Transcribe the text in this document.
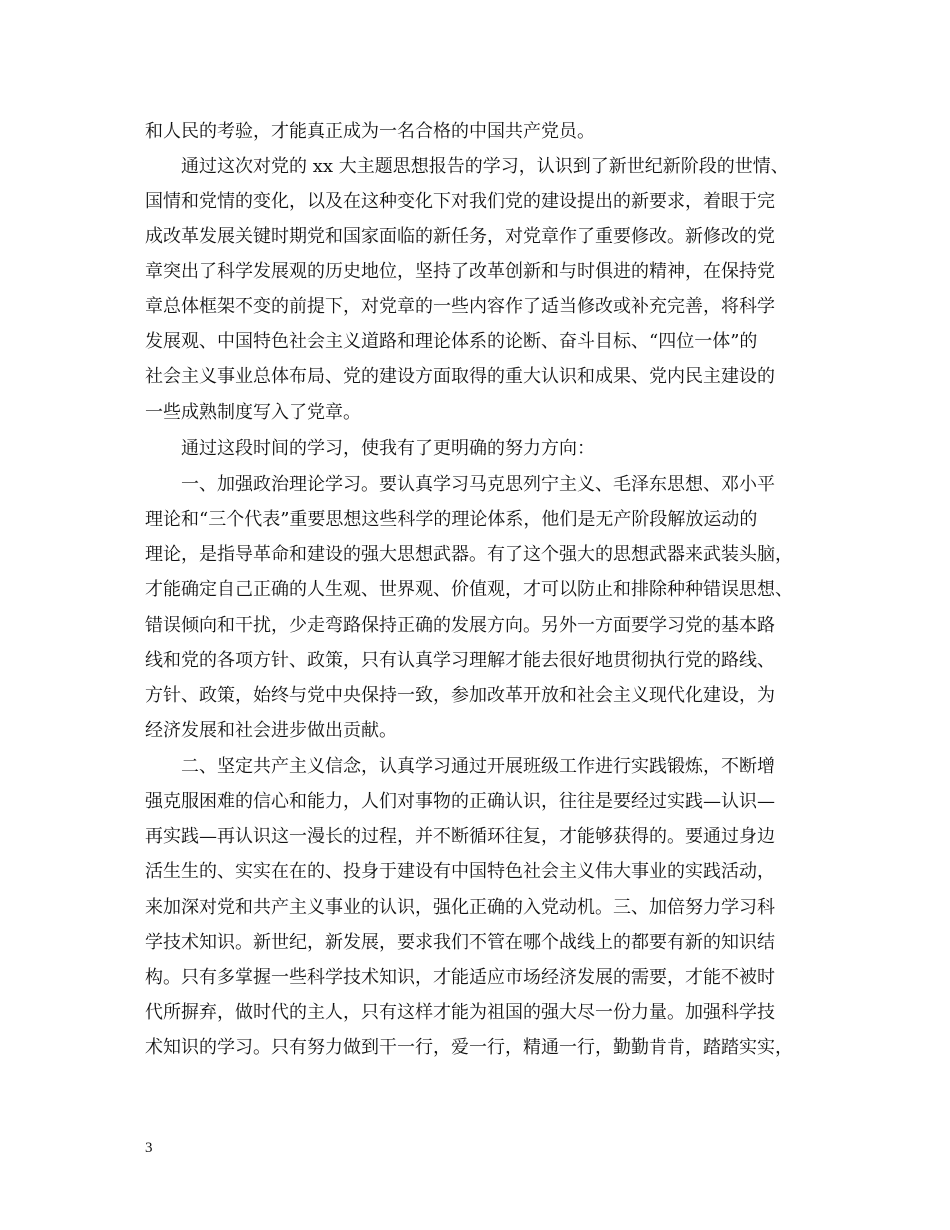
和人民的考验，才能真正成为一名合格的中国共产党员。
通过这次对党的 xx 大主题思想报告的学习，认识到了新世纪新阶段的世情、
国情和党情的变化，以及在这种变化下对我们党的建设提出的新要求，着眼于完
成改革发展关键时期党和国家面临的新任务，对党章作了重要修改。新修改的党
章突出了科学发展观的历史地位，坚持了改革创新和与时俱进的精神，在保持党
章总体框架不变的前提下，对党章的一些内容作了适当修改或补充完善，将科学
发展观、中国特色社会主义道路和理论体系的论断、奋斗目标、“四位一体”的
社会主义事业总体布局、党的建设方面取得的重大认识和成果、党内民主建设的
一些成熟制度写入了党章。
通过这段时间的学习，使我有了更明确的努力方向：
一、加强政治理论学习。要认真学习马克思列宁主义、毛泽东思想、邓小平
理论和“三个代表”重要思想这些科学的理论体系，他们是无产阶段解放运动的
理论，是指导革命和建设的强大思想武器。有了这个强大的思想武器来武装头脑，
才能确定自己正确的人生观、世界观、价值观，才可以防止和排除种种错误思想、
错误倾向和干扰，少走弯路保持正确的发展方向。另外一方面要学习党的基本路
线和党的各项方针、政策，只有认真学习理解才能去很好地贯彻执行党的路线、
方针、政策，始终与党中央保持一致，参加改革开放和社会主义现代化建设，为
经济发展和社会进步做出贡献。
二、坚定共产主义信念，认真学习通过开展班级工作进行实践锻炼，不断增
强克服困难的信心和能力，人们对事物的正确认识，往往是要经过实践—认识—
再实践—再认识这一漫长的过程，并不断循环往复，才能够获得的。要通过身边
活生生的、实实在在的、投身于建设有中国特色社会主义伟大事业的实践活动，
来加深对党和共产主义事业的认识，强化正确的入党动机。三、加倍努力学习科
学技术知识。新世纪，新发展，要求我们不管在哪个战线上的都要有新的知识结
构。只有多掌握一些科学技术知识，才能适应市场经济发展的需要，才能不被时
代所摒弃，做时代的主人，只有这样才能为祖国的强大尽一份力量。加强科学技
术知识的学习。只有努力做到干一行，爱一行，精通一行，勤勤肯肯，踏踏实实，
3
